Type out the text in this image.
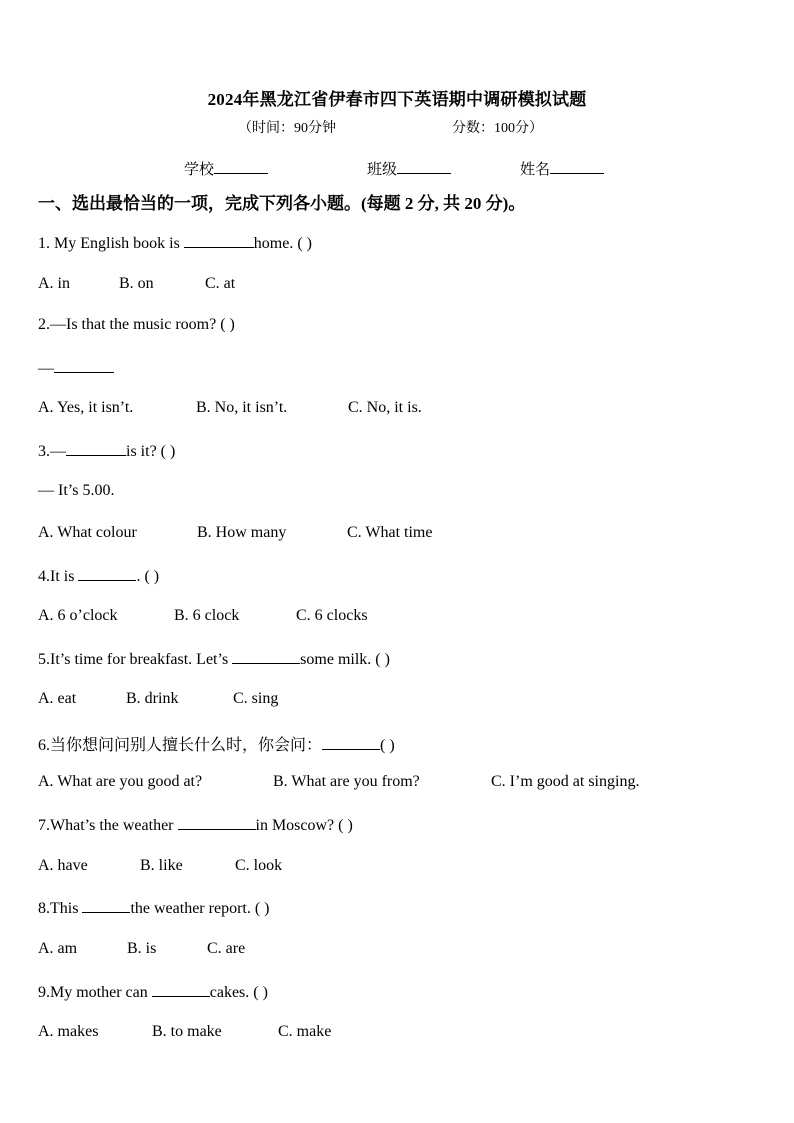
2024年黑龙江省伊春市四下英语期中调研模拟试题
（时间：90分钟	分数：100分）
学校	班级	姓名
一、选出最恰当的一项，完成下列各小题。(每题 2 分, 共 20 分)。
1. My English book is	home. ( )
A. in	B. on	C. at
2.—Is that the music room? ( )
—
A. Yes, it isn’t.	B. No, it isn’t.	C. No, it is.
3.—	is it? ( )
— It’s 5.00.
A. What colour	B. How many	C. What time
4.It is	. ( )
A. 6 o’clock	B. 6 clock	C. 6 clocks
5.It’s time for breakfast. Let’s	some milk. ( )
A. eat	B. drink	C. sing
6.当你想问问别人擅长什么时，你会问：	( )
A. What are you good at?	B. What are you from?	C. I’m good at singing.
7.What’s the weather	in Moscow? ( )
A. have	B. like	C. look
8.This	the weather report. ( )
A. am	B. is	C. are
9.My mother can	cakes. ( )
A. makes	B. to make	C. make
